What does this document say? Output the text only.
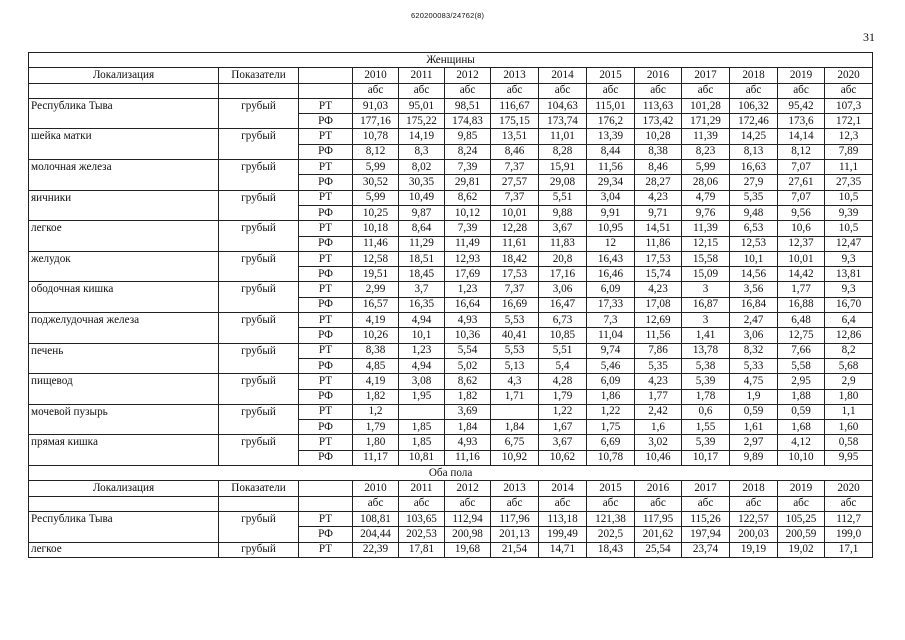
620200083/24762(8)
31
Женщины													
Локализация	Показатели		2010	2011	2012	2013	2014	2015	2016	2017	2018	2019	2020
			абс	абс	абс	абс	абс	абс	абс	абс	абс	абс	абс
Республика Тыва	грубый	РТ	91,03	95,01	98,51	116,67	104,63	115,01	113,63	101,28	106,32	95,42	107,3
		РФ	177,16	175,22	174,83	175,15	173,74	176,2	173,42	171,29	172,46	173,6	172,1
шейка матки	грубый	РТ	10,78	14,19	9,85	13,51	11,01	13,39	10,28	11,39	14,25	14,14	12,3
		РФ	8,12	8,3	8,24	8,46	8,28	8,44	8,38	8,23	8,13	8,12	7,89
молочная железа	грубый	РТ	5,99	8,02	7,39	7,37	15,91	11,56	8,46	5,99	16,63	7,07	11,1
		РФ	30,52	30,35	29,81	27,57	29,08	29,34	28,27	28,06	27,9	27,61	27,35
яичники	грубый	РТ	5,99	10,49	8,62	7,37	5,51	3,04	4,23	4,79	5,35	7,07	10,5
		РФ	10,25	9,87	10,12	10,01	9,88	9,91	9,71	9,76	9,48	9,56	9,39
легкое	грубый	РТ	10,18	8,64	7,39	12,28	3,67	10,95	14,51	11,39	6,53	10,6	10,5
		РФ	11,46	11,29	11,49	11,61	11,83	12	11,86	12,15	12,53	12,37	12,47
желудок	грубый	РТ	12,58	18,51	12,93	18,42	20,8	16,43	17,53	15,58	10,1	10,01	9,3
		РФ	19,51	18,45	17,69	17,53	17,16	16,46	15,74	15,09	14,56	14,42	13,81
ободочная кишка	грубый	РТ	2,99	3,7	1,23	7,37	3,06	6,09	4,23	3	3,56	1,77	9,3
		РФ	16,57	16,35	16,64	16,69	16,47	17,33	17,08	16,87	16,84	16,88	16,70
поджелудочная железа	грубый	РТ	4,19	4,94	4,93	5,53	6,73	7,3	12,69	3	2,47	6,48	6,4
		РФ	10,26	10,1	10,36	40,41	10,85	11,04	11,56	1,41	3,06	12,75	12,86
печень	грубый	РТ	8,38	1,23	5,54	5,53	5,51	9,74	7,86	13,78	8,32	7,66	8,2
		РФ	4,85	4,94	5,02	5,13	5,4	5,46	5,35	5,38	5,33	5,58	5,68
пищевод	грубый	РТ	4,19	3,08	8,62	4,3	4,28	6,09	4,23	5,39	4,75	2,95	2,9
		РФ	1,82	1,95	1,82	1,71	1,79	1,86	1,77	1,78	1,9	1,88	1,80
мочевой пузырь	грубый	РТ	1,2		3,69		1,22	1,22	2,42	0,6	0,59	0,59	1,1
		РФ	1,79	1,85	1,84	1,84	1,67	1,75	1,6	1,55	1,61	1,68	1,60
прямая кишка	грубый	РТ	1,80	1,85	4,93	6,75	3,67	6,69	3,02	5,39	2,97	4,12	0,58
		РФ	11,17	10,81	11,16	10,92	10,62	10,78	10,46	10,17	9,89	10,10	9,95
Оба пола													
Локализация	Показатели		2010	2011	2012	2013	2014	2015	2016	2017	2018	2019	2020
			абс	абс	абс	абс	абс	абс	абс	абс	абс	абс	абс
Республика Тыва	грубый	РТ	108,81	103,65	112,94	117,96	113,18	121,38	117,95	115,26	122,57	105,25	112,7
		РФ	204,44	202,53	200,98	201,13	199,49	202,5	201,62	197,94	200,03	200,59	199,0
легкое	грубый	РТ	22,39	17,81	19,68	21,54	14,71	18,43	25,54	23,74	19,19	19,02	17,1
